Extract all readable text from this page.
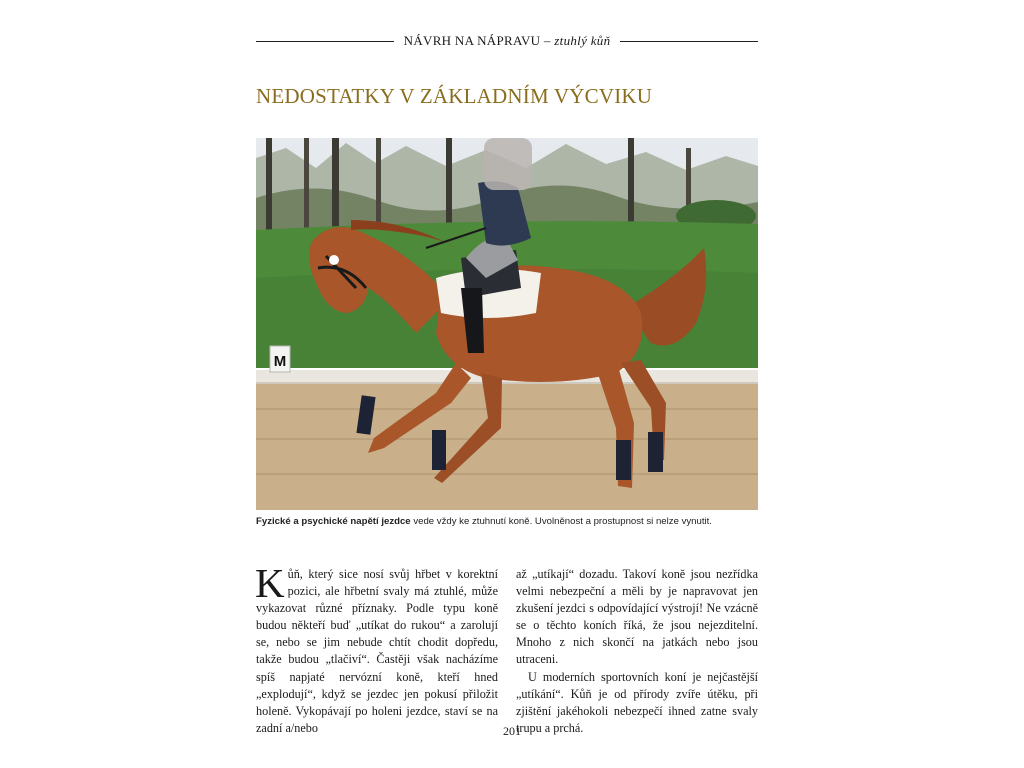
NÁVRH NA NÁPRAVU – ztuhlý kůň
NEDOSTATKY V ZÁKLADNÍM VÝCVIKU
M
Fyzické a psychické napětí jezdce vede vždy ke ztuhnutí koně. Uvolněnost a prostupnost si nelze vynutit.

Kůň, který sice nosí svůj hřbet v korektní pozici, ale hřbetní svaly má ztuhlé, může vykazovat různé příznaky. Podle typu koně budou někteří buď „utíkat do rukou“ a zarolují se, nebo se jim nebude chtít chodit dopředu, takže budou „tlačiví“. Častěji však nacházíme spíš napjaté nervózní koně, kteří hned „explodují“, když se jezdec jen pokusí přiložit holeně. Vykopávají po holeni jezdce, staví se na zadní a/nebo

až „utíkají“ dozadu. Takoví koně jsou nezřídka velmi nebezpeční a měli by je napravovat jen zkušení jezdci s odpovídající výstrojí! Ne vzácně se o těchto koních říká, že jsou nejezditelní. Mnoho z nich skončí na jatkách nebo jsou utraceni.

U moderních sportovních koní je nejčastější „utíkání“. Kůň je od přírody zvíře útěku, při zjištění jakéhokoli nebezpečí ihned zatne svaly trupu a prchá.

201
